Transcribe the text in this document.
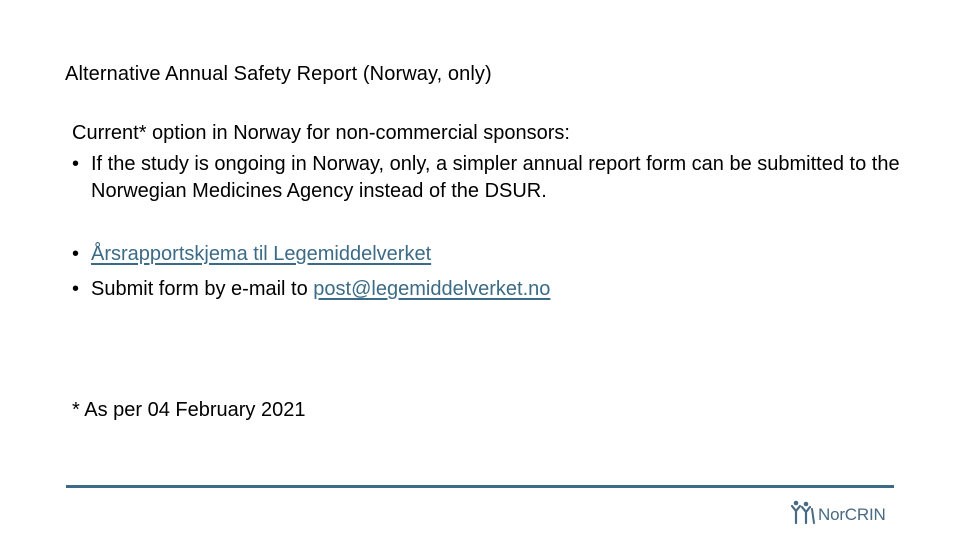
Alternative Annual Safety Report (Norway, only)

Current* option in Norway for non-commercial sponsors:

• If the study is ongoing in Norway, only, a simpler annual report form can be submitted to the Norwegian Medicines Agency instead of the DSUR.
• Årsrapportskjema til Legemiddelverket
• Submit form by e-mail to post@legemiddelverket.no

* As per 04 February 2021

NorCRIN
